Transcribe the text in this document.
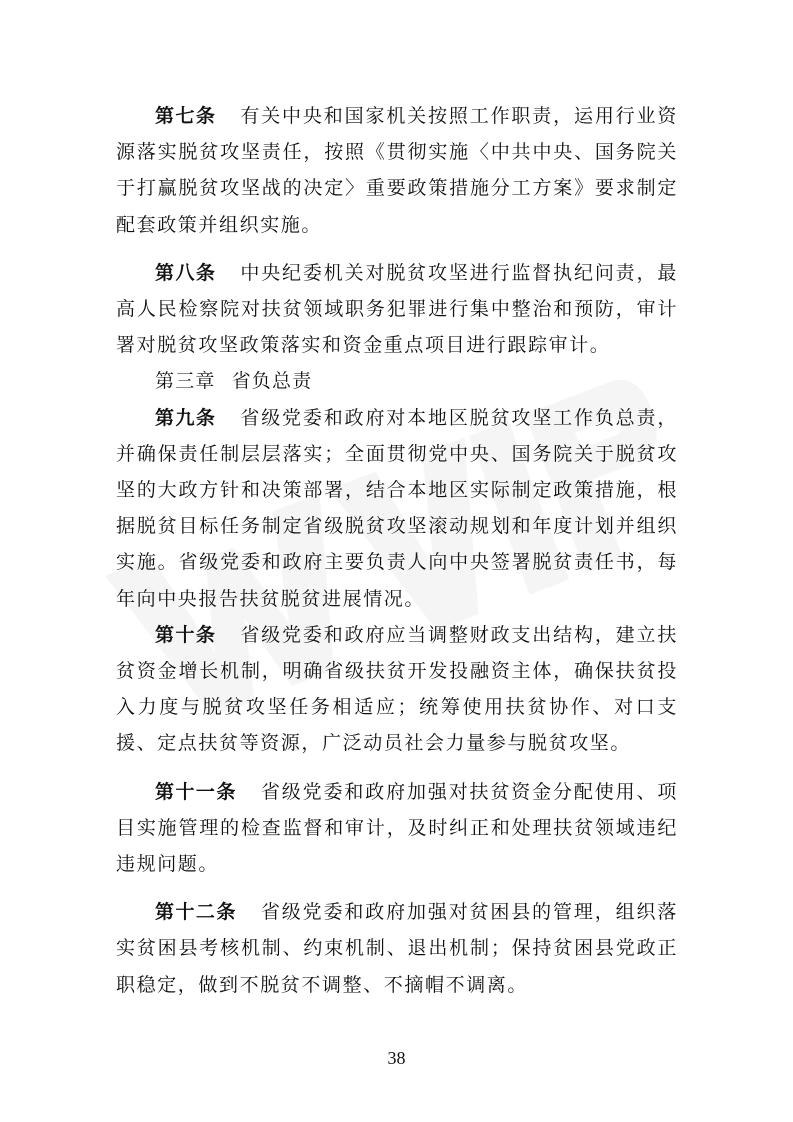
第七条 有关中央和国家机关按照工作职责，运用行业资源落实脱贫攻坚责任，按照《贯彻实施〈中共中央、国务院关于打赢脱贫攻坚战的决定〉重要政策措施分工方案》要求制定配套政策并组织实施。

第八条 中央纪委机关对脱贫攻坚进行监督执纪问责，最高人民检察院对扶贫领域职务犯罪进行集中整治和预防，审计署对脱贫攻坚政策落实和资金重点项目进行跟踪审计。

第三章 省负总责

第九条 省级党委和政府对本地区脱贫攻坚工作负总责，并确保责任制层层落实；全面贯彻党中央、国务院关于脱贫攻坚的大政方针和决策部署，结合本地区实际制定政策措施，根据脱贫目标任务制定省级脱贫攻坚滚动规划和年度计划并组织实施。省级党委和政府主要负责人向中央签署脱贫责任书，每年向中央报告扶贫脱贫进展情况。

第十条 省级党委和政府应当调整财政支出结构，建立扶贫资金增长机制，明确省级扶贫开发投融资主体，确保扶贫投入力度与脱贫攻坚任务相适应；统筹使用扶贫协作、对口支援、定点扶贫等资源，广泛动员社会力量参与脱贫攻坚。

第十一条 省级党委和政府加强对扶贫资金分配使用、项目实施管理的检查监督和审计，及时纠正和处理扶贫领域违纪违规问题。

第十二条 省级党委和政府加强对贫困县的管理，组织落实贫困县考核机制、约束机制、退出机制；保持贫困县党政正职稳定，做到不脱贫不调整、不摘帽不调离。

38
